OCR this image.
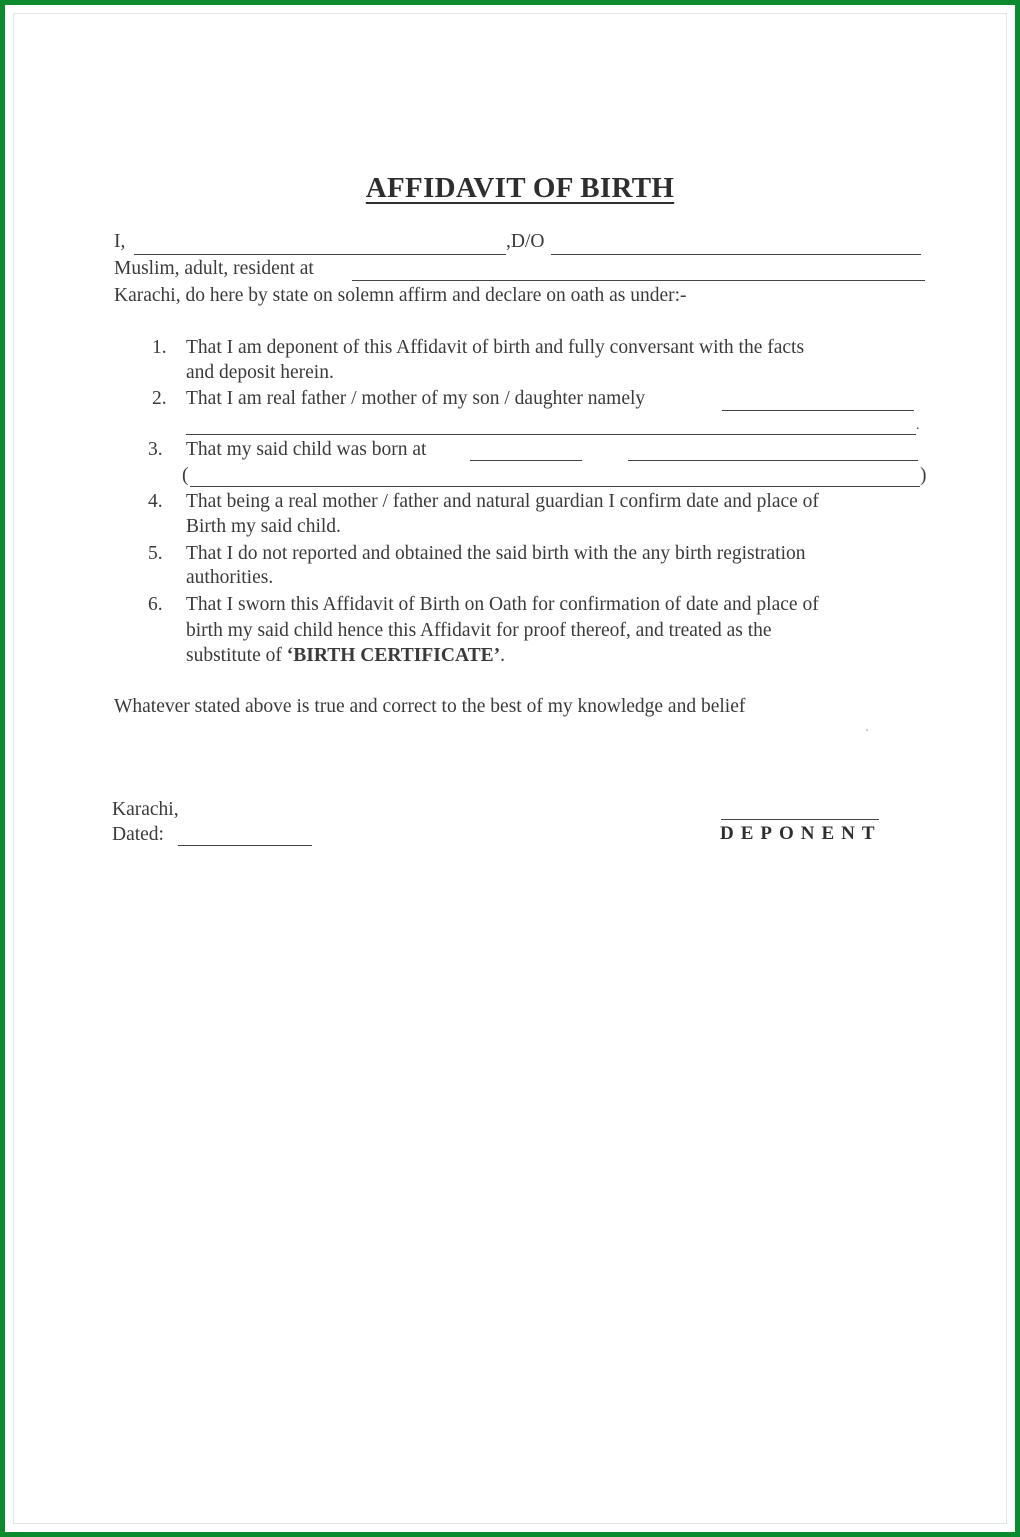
AFFIDAVIT OF BIRTH
I,	,D/O
Muslim, adult, resident at
Karachi, do here by state on solemn affirm and declare on oath as under:-
1. That I am deponent of this Affidavit of birth and fully conversant with the facts
and deposit herein.
2. That I am real father / mother of my son / daughter namely
.
3. That my said child was born at
(	)
4. That being a real mother / father and natural guardian I confirm date and place of
Birth my said child.
5. That I do not reported and obtained the said birth with the any birth registration
authorities.
6. That I sworn this Affidavit of Birth on Oath for confirmation of date and place of
birth my said child hence this Affidavit for proof thereof, and treated as the
substitute of ‘BIRTH CERTIFICATE’.
Whatever stated above is true and correct to the best of my knowledge and belief
Karachi,
Dated:	DEPONENT
